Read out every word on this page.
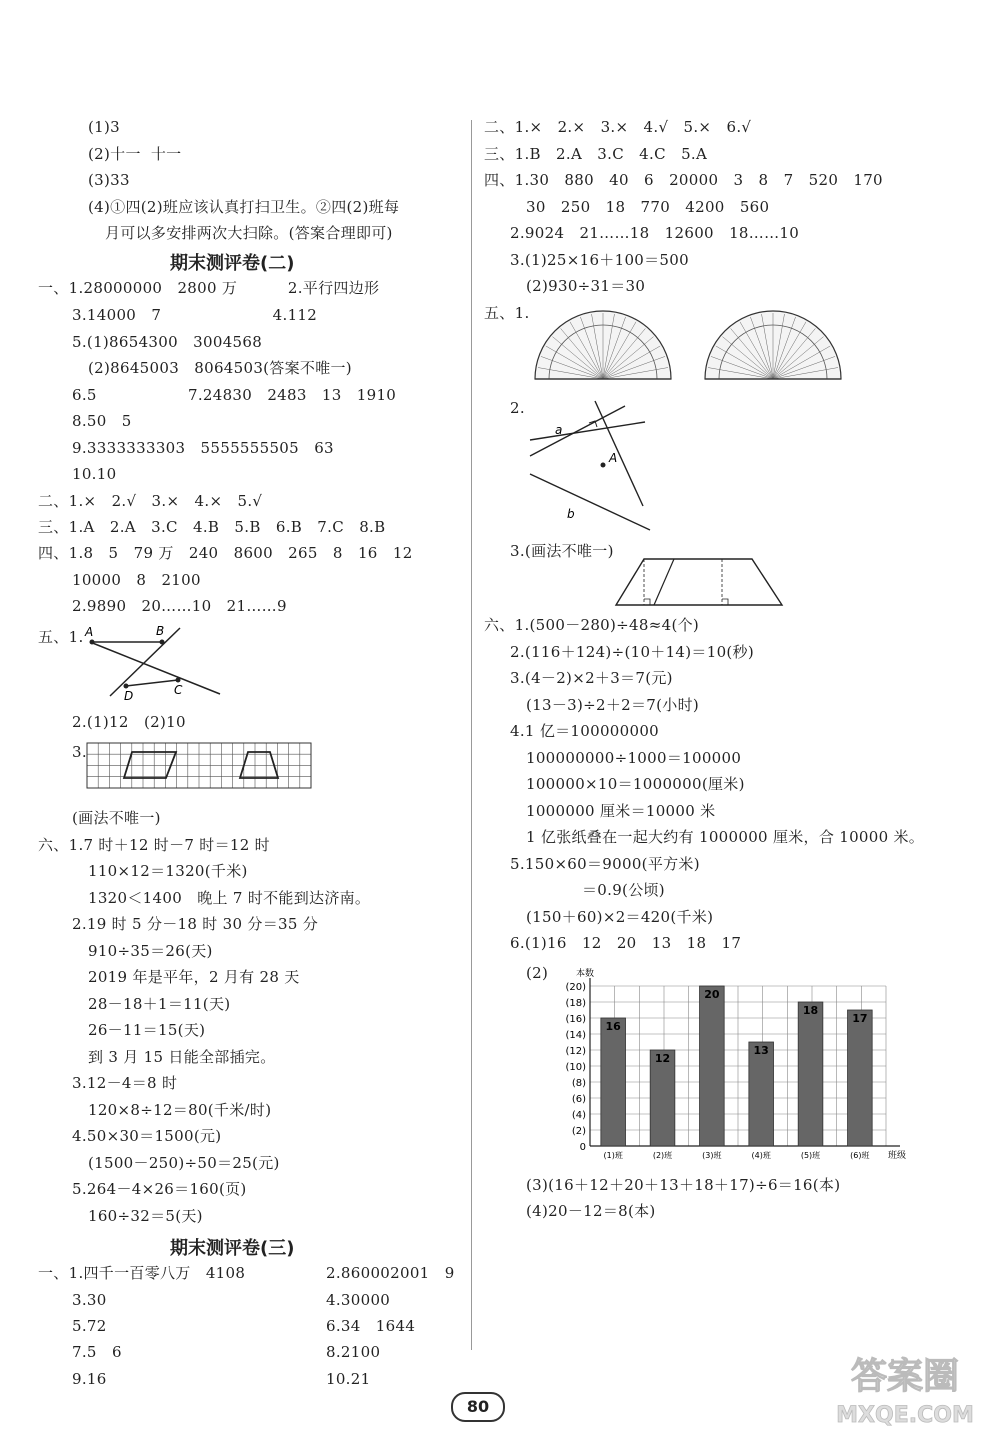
(1)3
(2)十一  十一
(3)33
(4)①四(2)班应该认真打扫卫生。②四(2)班每
月可以多安排两次大扫除。(答案合理即可)
期末测评卷(二)
一、1.28000000   2800 万          2.平行四边形
3.14000   7                      4.112
5.(1)8654300   3004568
(2)8645003   8064503(答案不唯一)
6.5                  7.24830   2483   13   1910
8.50   5
9.3333333303   5555555505   63
10.10
二、1.×   2.√   3.×   4.×   5.√
三、1.A   2.A   3.C   4.B   5.B   6.B   7.C   8.B
四、1.8   5   79 万   240   8600   265   8   16   12
10000   8   2100
2.9890   20……10   21……9
五、1. A	B
D	C
2.(1)12   (2)10
3.
(画法不唯一)
六、1.7 时＋12 时－7 时＝12 时
110×12＝1320(千米)
1320＜1400   晚上 7 时不能到达济南。
2.19 时 5 分－18 时 30 分＝35 分
910÷35＝26(天)
2019 年是平年，2 月有 28 天
28－18＋1＝11(天)
26－11＝15(天)
到 3 月 15 日能全部插完。
3.12－4＝8 时
120×8÷12＝80(千米/时)
4.50×30＝1500(元)
(1500－250)÷50＝25(元)
5.264－4×26＝160(页)
160÷32＝5(天)
期末测评卷(三)
一、1.四千一百零八万   4108
3.30
5.72
7.5   6
9.16
2.860002001   9
4.30000
6.34   1644
8.2100
10.21
二、1.×   2.×   3.×   4.√   5.×   6.√
三、1.B   2.A   3.C   4.C   5.A
四、1.30   880   40   6   20000   3   8   7   520   170
30   250   18   770   4200   560
2.9024   21……18   12600   18……10
3.(1)25×16＋100＝500
(2)930÷31＝30
五、1.
2.
a
A
b
3.(画法不唯一)
六、1.(500－280)÷48≈4(个)
2.(116＋124)÷(10＋14)＝10(秒)
3.(4－2)×2＋3＝7(元)
(13－3)÷2＋2＝7(小时)
4.1 亿＝100000000
100000000÷1000＝100000
100000×10＝1000000(厘米)
1000000 厘米＝10000 米
1 亿张纸叠在一起大约有 1000000 厘米，合 10000 米。
5.150×60＝9000(平方米)
＝0.9(公顷)
(150＋60)×2＝420(千米)
6.(1)16   12   20   13   18   17
(2)
0
(2)
(4)
(6)
(8)
(10)
(12)
(14)
(16)
(18)
(20)
本数
班级
16
(1)班
12
(2)班
20
(3)班
13
(4)班
18
(5)班
17
(6)班
(3)(16＋12＋20＋13＋18＋17)÷6＝16(本)
(4)20－12＝8(本)
80
答案圈
MXQE.COM
